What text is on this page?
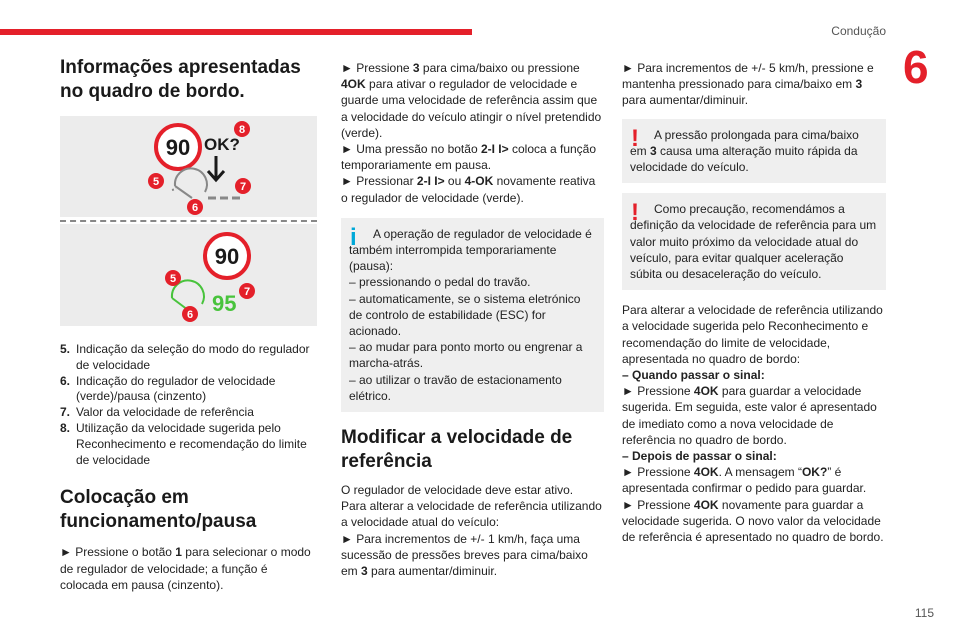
Condução
6
115
Informações apresentadas no quadro de bordo.
90 OK?
8
5	7
6
90
95
5
7
6
5. Indicação da seleção do modo do regulador de velocidade
6. Indicação do regulador de velocidade (verde)/pausa (cinzento)
7. Valor da velocidade de referência
8. Utilização da velocidade sugerida pelo Reconhecimento e recomendação do limite de velocidade
Colocação em funcionamento/pausa
► Pressione o botão 1 para selecionar o modo de regulador de velocidade; a função é colocada em pausa (cinzento).
► Pressione 3 para cima/baixo ou pressione 4OK para ativar o regulador de velocidade e guarde uma velocidade de referência assim que a velocidade do veículo atingir o nível pretendido (verde).
► Uma pressão no botão 2-I I> coloca a função temporariamente em pausa.
► Pressionar 2-I I> ou 4-OK novamente reativa o regulador de velocidade (verde).
i	A operação de regulador de velocidade é também interrompida temporariamente (pausa):
– pressionando o pedal do travão.
– automaticamente, se o sistema eletrónico de controlo de estabilidade (ESC) for acionado.
– ao mudar para ponto morto ou engrenar a marcha-atrás.
– ao utilizar o travão de estacionamento elétrico.
Modificar a velocidade de referência
O regulador de velocidade deve estar ativo.
Para alterar a velocidade de referência utilizando a velocidade atual do veículo:
► Para incrementos de +/- 1 km/h, faça uma sucessão de pressões breves para cima/baixo em 3 para aumentar/diminuir.
► Para incrementos de +/- 5 km/h, pressione e mantenha pressionado para cima/baixo em 3 para aumentar/diminuir.
!	A pressão prolongada para cima/baixo em 3 causa uma alteração muito rápida da velocidade do veículo.
!	Como precaução, recomendámos a definição da velocidade de referência para um valor muito próximo da velocidade atual do veículo, para evitar qualquer aceleração súbita ou desaceleração do veículo.
Para alterar a velocidade de referência utilizando a velocidade sugerida pelo Reconhecimento e recomendação do limite de velocidade, apresentada no quadro de bordo:
– Quando passar o sinal:
► Pressione 4OK para guardar a velocidade sugerida. Em seguida, este valor é apresentado de imediato como a nova velocidade de referência no quadro de bordo.
– Depois de passar o sinal:
► Pressione 4OK. A mensagem “OK?” é apresentada confirmar o pedido para guardar.
► Pressione 4OK novamente para guardar a velocidade sugerida. O novo valor da velocidade de referência é apresentado no quadro de bordo.
